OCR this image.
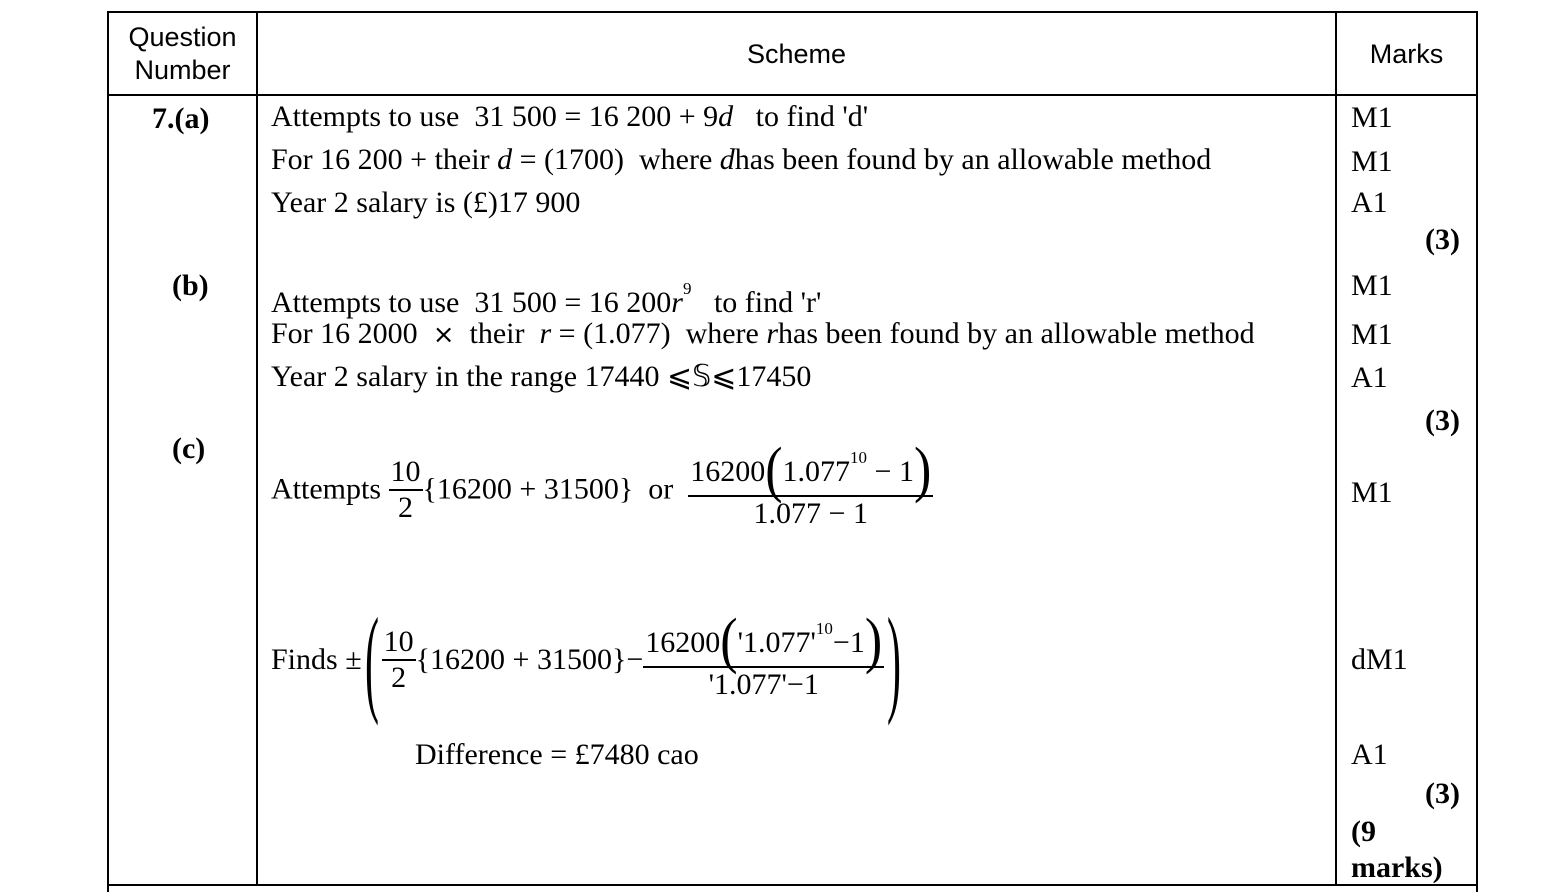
Question Number
Scheme	Marks
7.(a) Attempts to use 31 500 = 16 200 + 9d to find 'd'
For 16 200 + their d = (1700) where dhas been found by an allowable method
Year 2 salary is (£)17 900
M1
M1
A1
(3)
(b)
Attempts to use 31 500 = 16 $200r^9$ to find 'r'
For 16 2000 × their r = (1.077) where rhas been found by an allowable method
Year 2 salary in the range 17440 ⩽𝕊⩽17450
M1
M1
A1
(3)
(c)
Attempts $\frac{10}{2} \{16200 + 31500\}$ or $\frac{16200(1.077^{10} - 1)}{1.077 - 1}$
Finds ±( $\frac{10}{2} \{16200 + 31500\}- \frac{16200('1.077'^{10}-1)}{'1.077'-1}$ )
Difference = £7480 cao
M1
dM1
A1
(3)
(9 marks)
